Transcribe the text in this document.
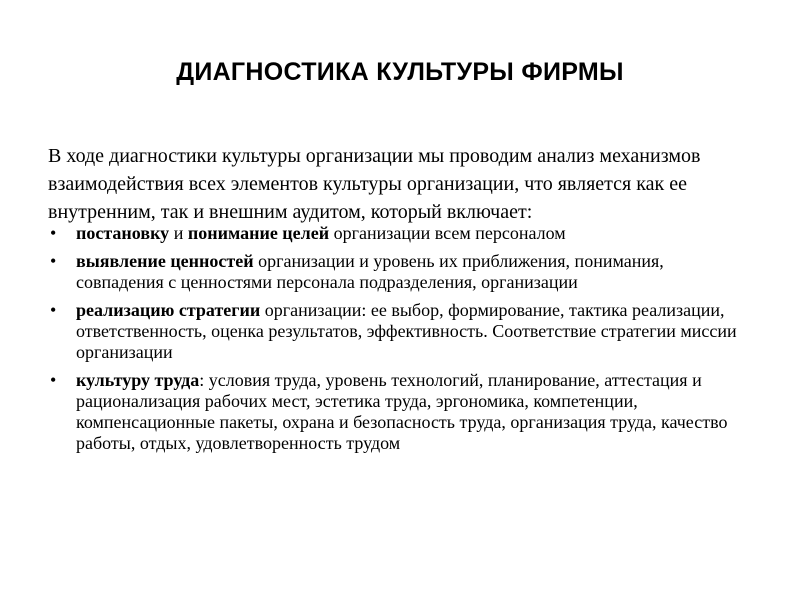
ДИАГНОСТИКА КУЛЬТУРЫ ФИРМЫ

В ходе диагностики культуры организации мы проводим анализ механизмов взаимодействия всех элементов культуры организации, что является как ее внутренним, так и внешним аудитом, который включает:

• постановку и понимание целей организации всем персоналом
• выявление ценностей организации и уровень их приближения, понимания, совпадения с ценностями персонала подразделения, организации
• реализацию стратегии организации: ее выбор, формирование, тактика реализации, ответственность, оценка результатов, эффективность. Соответствие стратегии миссии организации
• культуру труда: условия труда, уровень технологий, планирование, аттестация и рационализация рабочих мест, эстетика труда, эргономика, компетенции, компенсационные пакеты, охрана и безопасность труда, организация труда, качество работы, отдых, удовлетворенность трудом
